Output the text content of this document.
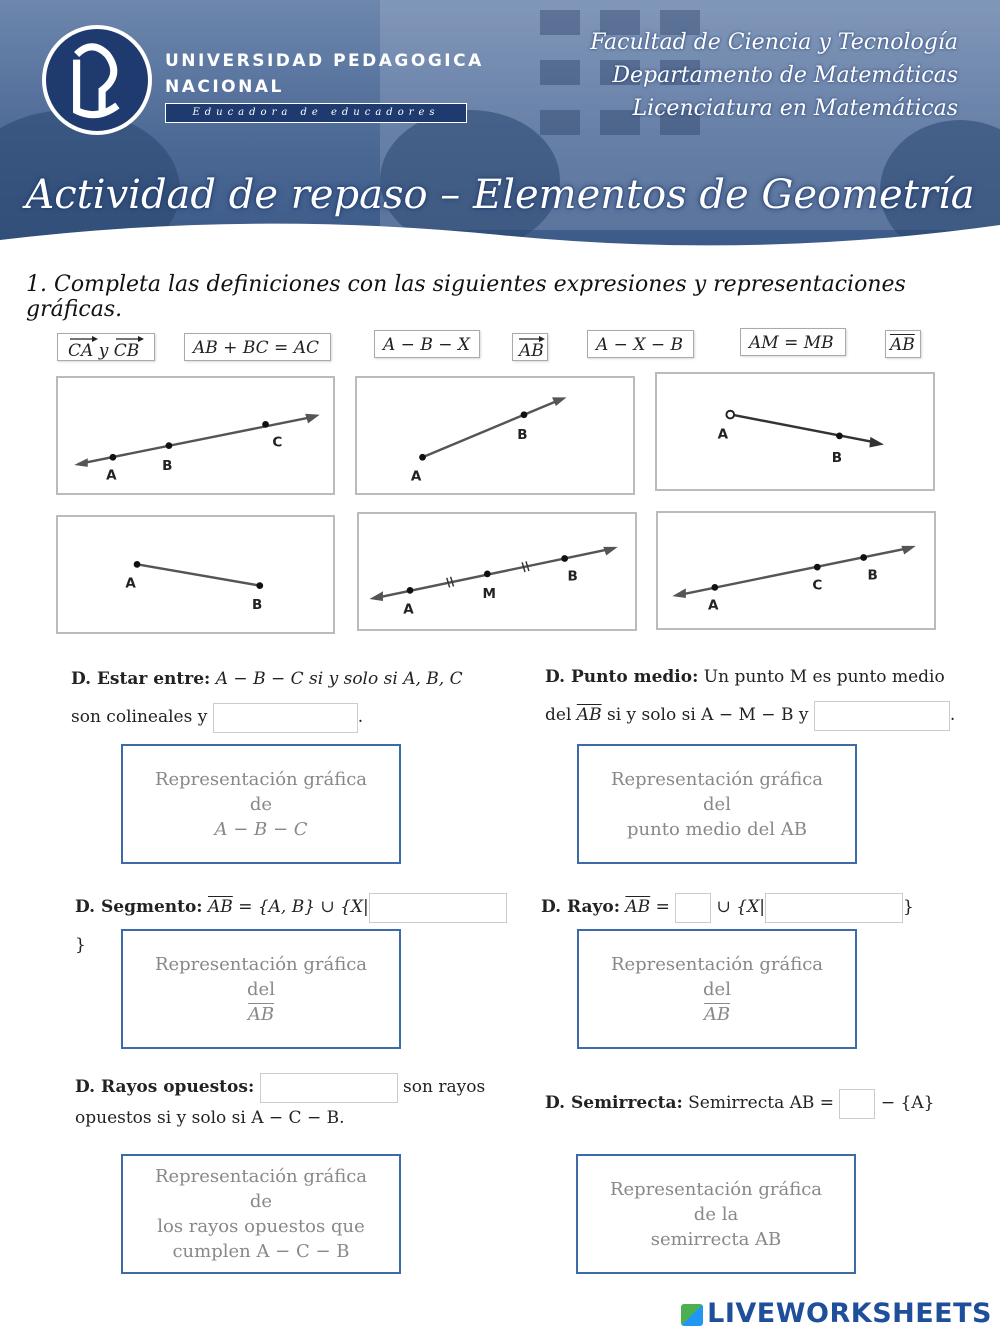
UNIVERSIDAD PEDAGOGICA
NACIONAL
Educadora de educadores
Facultad de Ciencia y Tecnología
Departamento de Matemáticas
Licenciatura en Matemáticas
Actividad de repaso – Elementos de Geometría
1. Completa las definiciones con las siguientes expresiones y representaciones gráficas.
CA y CB	AB + BC = AC	A − B − X	AB	A − X − B	AM = MB	$\overline{AB}$
A
B
C
A
B	A
B
A
B	A
M
B
A
C
B
D. Estar entre: A − B − C si y solo si A, B, C
son colineales y	.
Representación gráfica de
A − B − C
D. Punto medio: Un punto M es punto medio
del $\overline{AB}$ si y solo si A − M − B y	.
Representación gráfica del
punto medio del AB
D. Segmento: $\overline{AB} = \{A$, B} ∪ {X|}
Representación gráfica del
$\overline{AB}$
D. Rayo: $\overline{AB}$ =	∪ {X|	}
Representación gráfica del
$\overline{AB}$
D. Rayos opuestos:	son rayos
opuestos si y solo si A − C − B.
Representación gráfica de
los rayos opuestos que
cumplen A − C − B
D. Semirrecta: Semirrecta AB =	− {A}
Representación gráfica de la
semirrecta AB
LIVEWORKSHEETS
